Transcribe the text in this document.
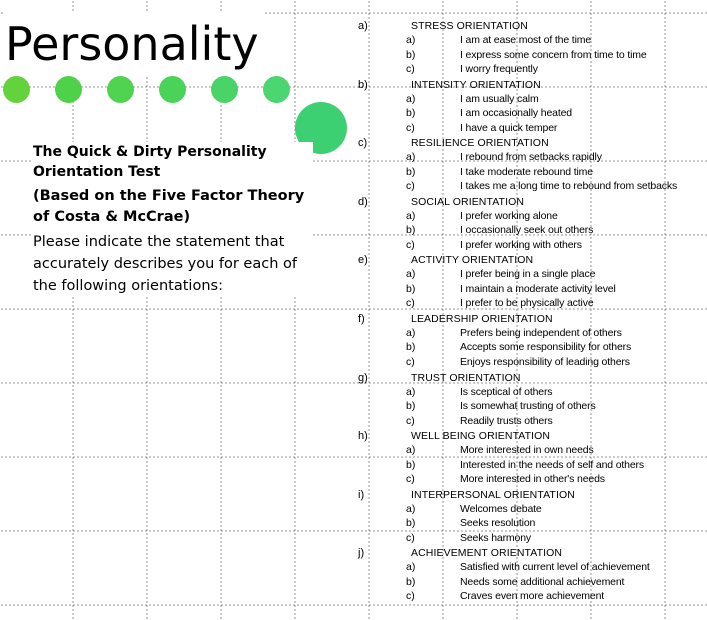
Personality

The Quick & Dirty Personality Orientation Test

(Based on the Five Factor Theory of Costa & McCrae)

Please indicate the statement that accurately describes you for each of the following orientations:

a)	STRESS ORIENTATION
a)	I am at ease most of the time
b)	I express some concern from time to time
c)	I worry frequently
b)	INTENSITY ORIENTATION
a)	I am usually calm
b)	I am occasionally heated
c)	I have a quick temper
c)	RESILIENCE ORIENTATION
a)	I rebound from setbacks rapidly
b)	I take moderate rebound time
c)	I takes me a long time to rebound from setbacks
d)	SOCIAL ORIENTATION
a)	I prefer working alone
b)	I occasionally seek out others
c)	I prefer working with others
e)	ACTIVITY ORIENTATION
a)	I prefer being in a single place
b)	I maintain a moderate activity level
c)	I prefer to be physically active
f)	LEADERSHIP ORIENTATION
a)	Prefers being independent of others
b)	Accepts some responsibility for others
c)	Enjoys responsibility of leading others
g)	TRUST ORIENTATION
a)	Is sceptical of others
b)	Is somewhat trusting of others
c)	Readily trusts others
h)	WELL BEING ORIENTATION
a)	More interested in own needs
b)	Interested in the needs of self and others
c)	More interested in other's needs
i)	INTERPERSONAL ORIENTATION
a)	Welcomes debate
b)	Seeks resolution
c)	Seeks harmony
j)	ACHIEVEMENT ORIENTATION
a)	Satisfied with current level of achievement
b)	Needs some additional achievement
c)	Craves even more achievement
